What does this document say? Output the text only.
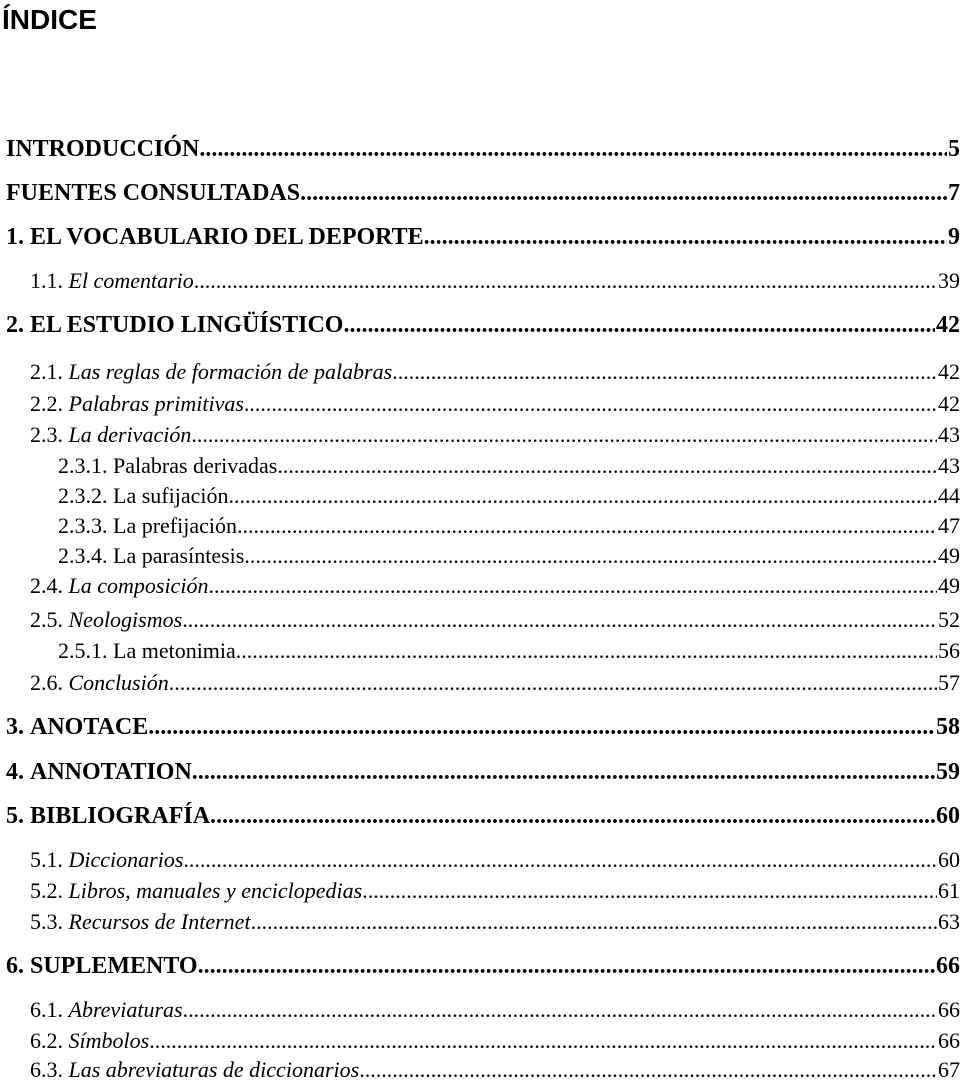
ÍNDICE
INTRODUCCIÓN .....	5
FUENTES CONSULTADAS .....	7
1. EL VOCABULARIO DEL DEPORTE .....	9
1.1. El comentario .....	39
2. EL ESTUDIO LINGÜÍSTICO .....	42
2.1. Las reglas de formación de palabras .....	42
2.2. Palabras primitivas .....	42
2.3. La derivación .....	43
2.3.1. Palabras derivadas .....	43
2.3.2. La sufijación .....	44
2.3.3. La prefijación .....	47
2.3.4. La parasíntesis .....	49
2.4. La composición .....	49
2.5. Neologismos .....	52
2.5.1. La metonimia .....	56
2.6. Conclusión .....	57
3. ANOTACE .....	58
4. ANNOTATION .....	59
5. BIBLIOGRAFÍA .....	60
5.1. Diccionarios .....	60
5.2. Libros, manuales y enciclopedias .....	61
5.3. Recursos de Internet .....	63
6. SUPLEMENTO .....	66
6.1. Abreviaturas .....	66
6.2. Símbolos .....	66
6.3. Las abreviaturas de diccionarios .....	67
